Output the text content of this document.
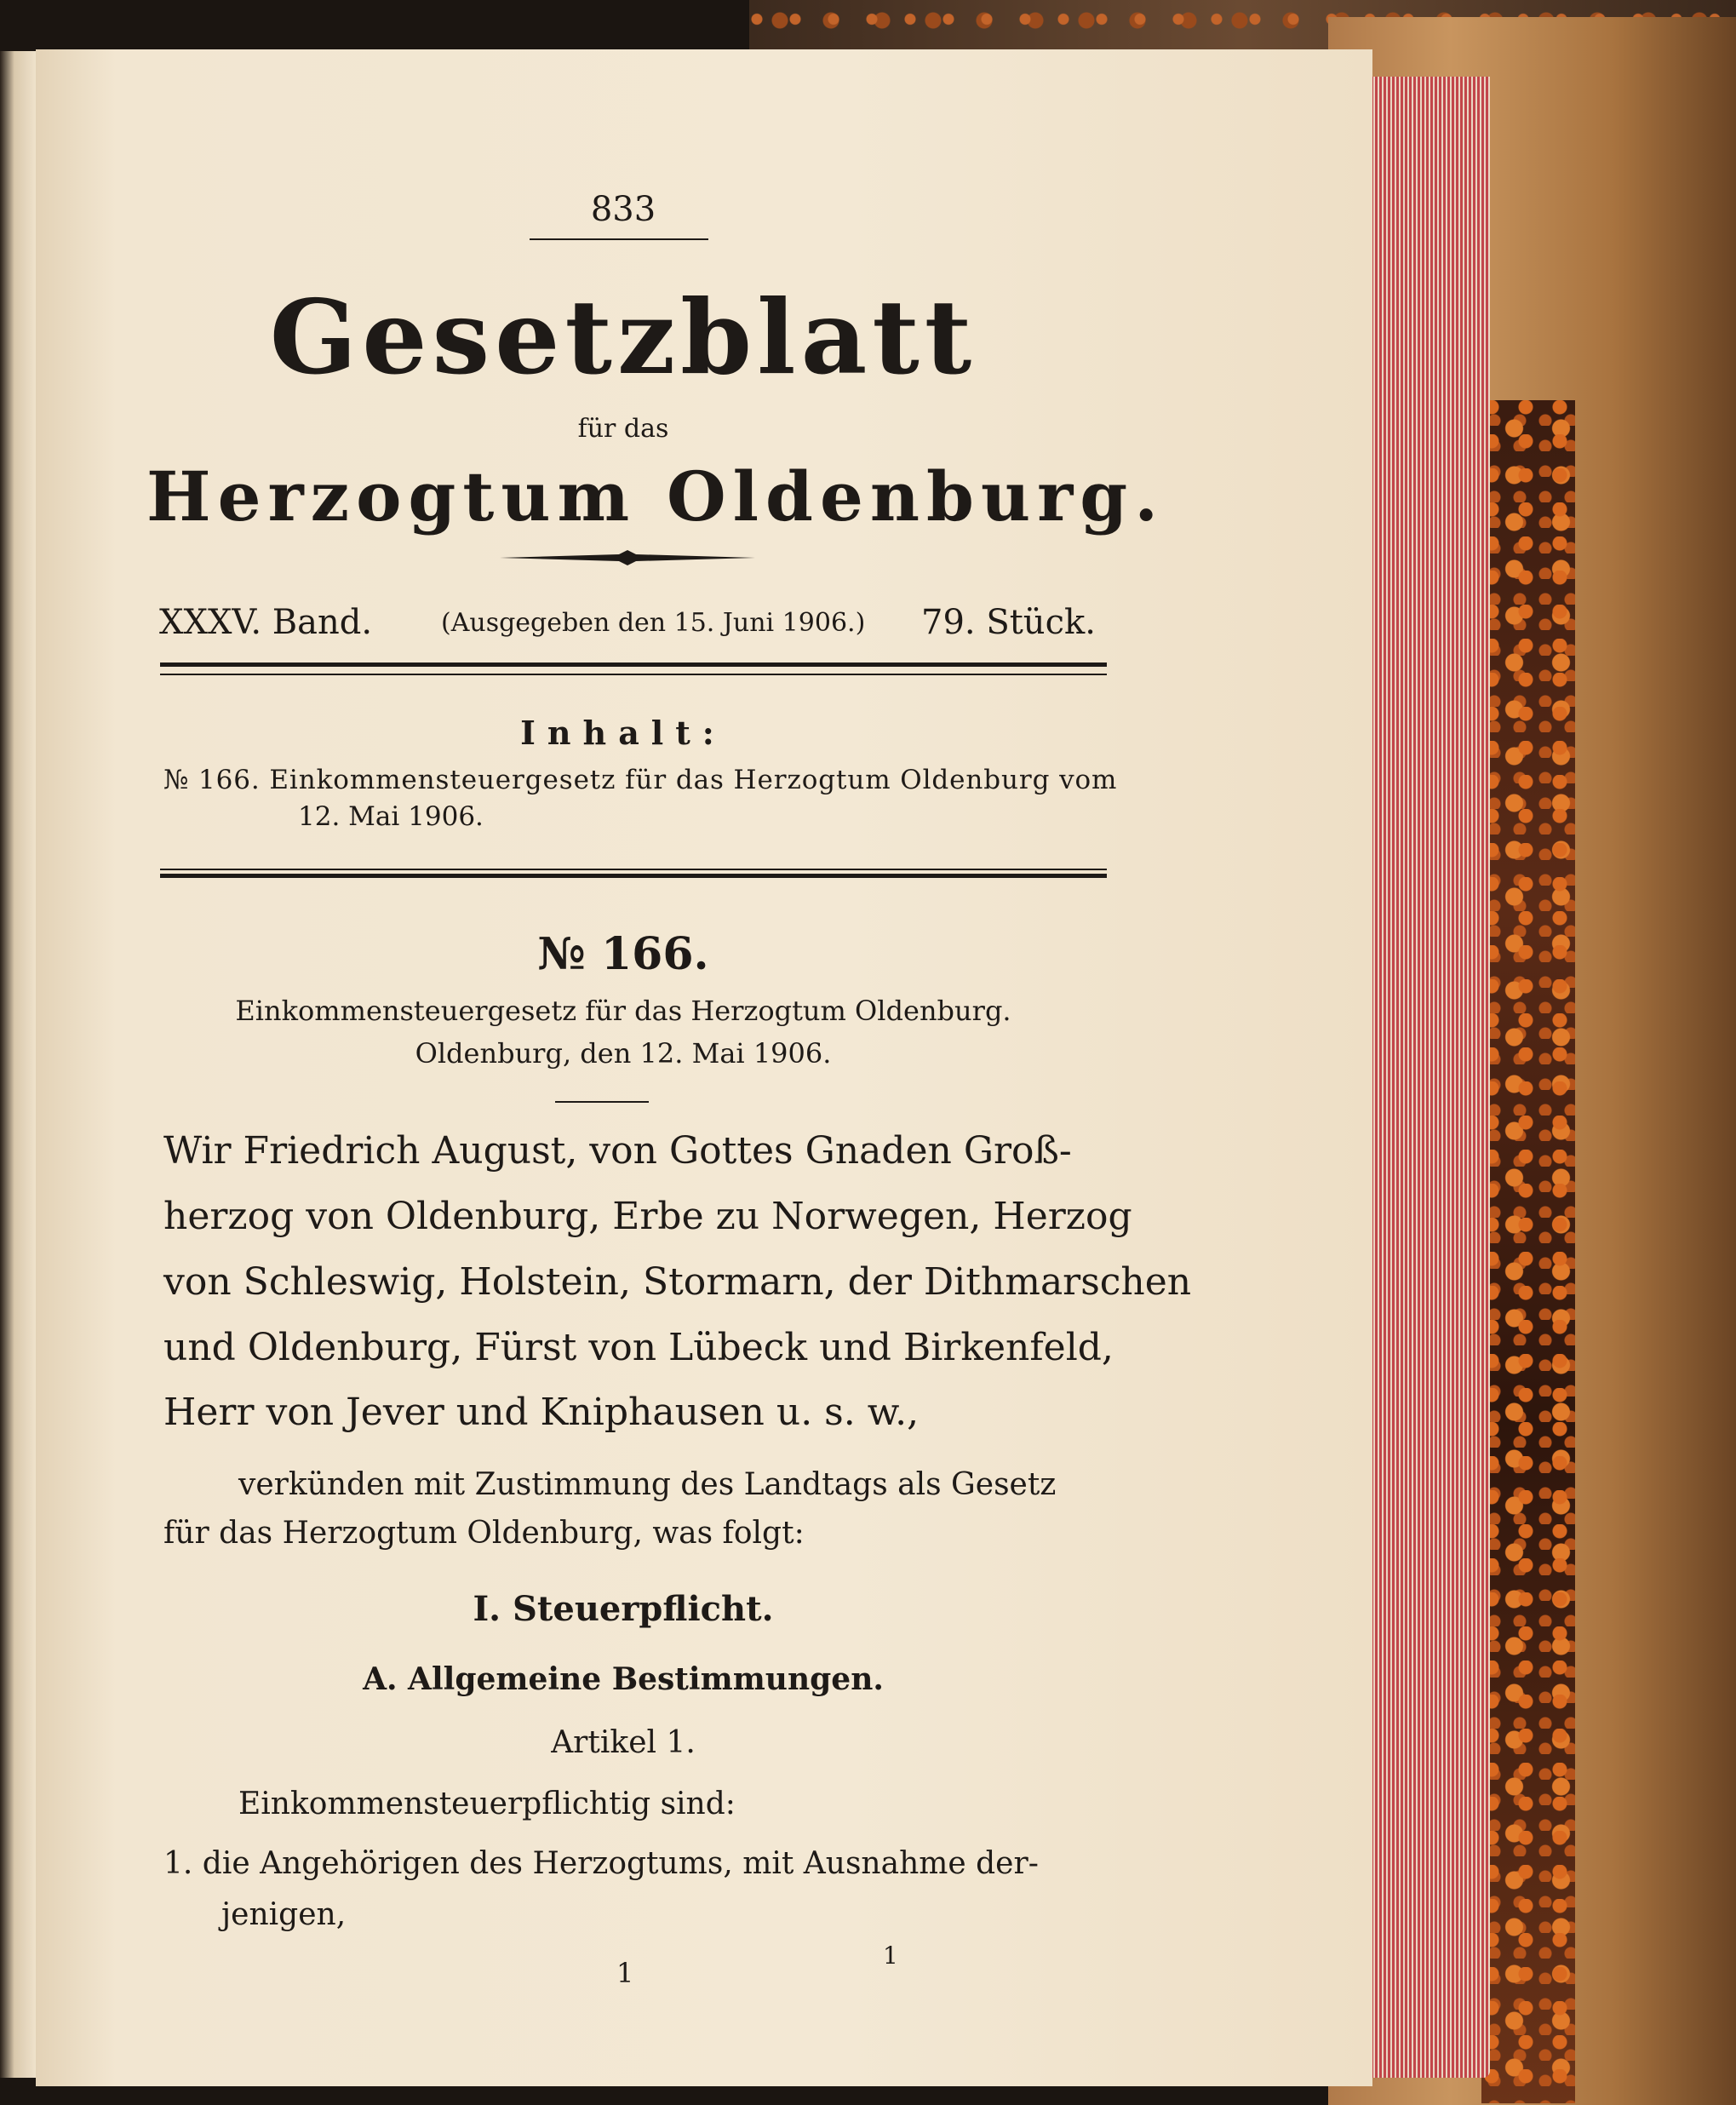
833
Gesetzblatt
für das
Herzogtum Oldenburg.
XXXV. Band.	(Ausgegeben den 15. Juni 1906.) 79. Stück.
Inhalt:
№ 166. Einkommensteuergesetz für das Herzogtum Oldenburg vom
12. Mai 1906.
№ 166.
Einkommensteuergesetz für das Herzogtum Oldenburg.
Oldenburg, den 12. Mai 1906.
Wir Friedrich August, von Gottes Gnaden Groß-
herzog von Oldenburg, Erbe zu Norwegen, Herzog
von Schleswig, Holstein, Stormarn, der Dithmarschen
und Oldenburg, Fürst von Lübeck und Birkenfeld,
Herr von Jever und Kniphausen u. s. w.,
verkünden mit Zustimmung des Landtags als Gesetz
für das Herzogtum Oldenburg, was folgt:
I. Steuerpflicht.
A. Allgemeine Bestimmungen.
Artikel 1.
Einkommensteuerpflichtig sind:
1. die Angehörigen des Herzogtums, mit Ausnahme der-
jenigen,
1
1
